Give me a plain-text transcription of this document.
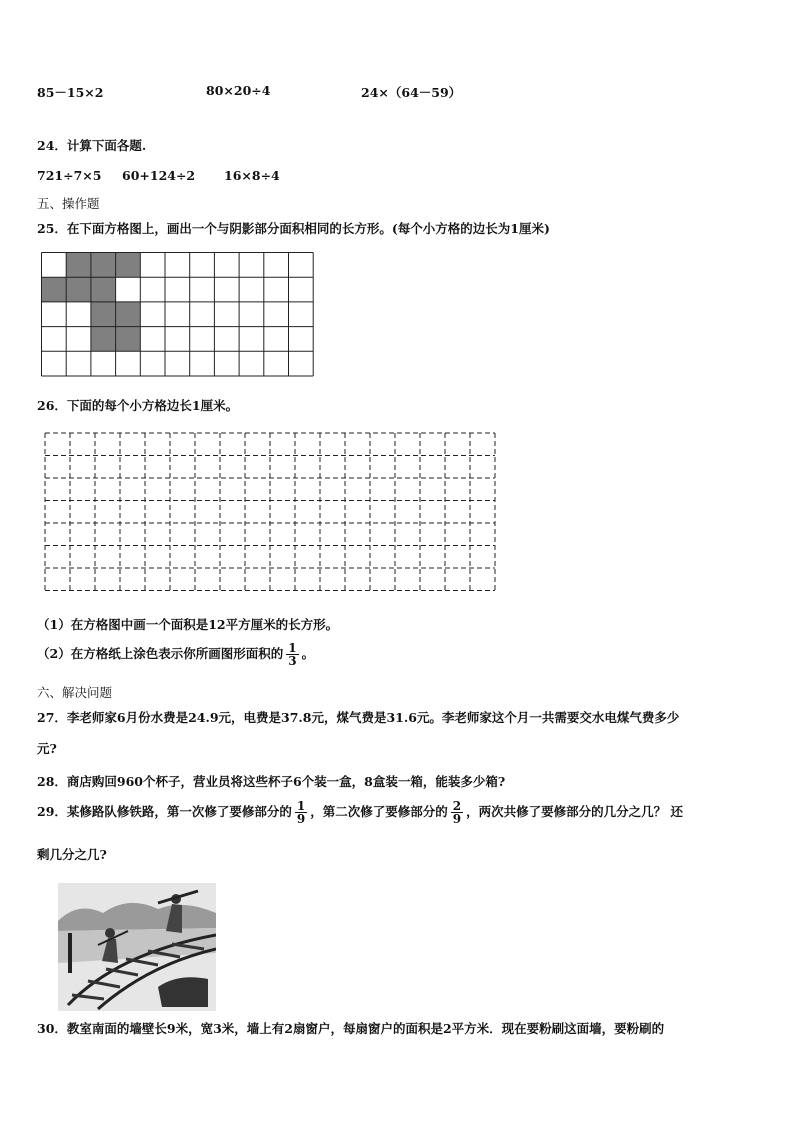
85－15×2	80×20÷4	24×（64－59）
24．计算下面各题.
721÷7×5 60+124÷2 16×8÷4
五、操作题
25．在下面方格图上，画出一个与阴影部分面积相同的长方形。(每个小方格的边长为1厘米)
26．下面的每个小方格边长1厘米。
（1）在方格图中画一个面积是12平方厘米的长方形。
（2）在方格纸上涂色表示你所画图形面积的 $\frac{1}{3}$ 。
六、解决问题
27．李老师家6月份水费是24.9元，电费是37.8元，煤气费是31.6元。李老师家这个月一共需要交水电煤气费多少
元?
28．商店购回960个杯子，营业员将这些杯子6个装一盒，8盒装一箱，能装多少箱?
29．某修路队修铁路，第一次修了要修部分的 $\frac{1}{9}$ ，第二次修了要修部分的 $\frac{2}{9}$ ，两次共修了要修部分的几分之几？ 还
剩几分之几?
30．教室南面的墙壁长9米，宽3米，墙上有2扇窗户，每扇窗户的面积是2平方米．现在要粉刷这面墙，要粉刷的
